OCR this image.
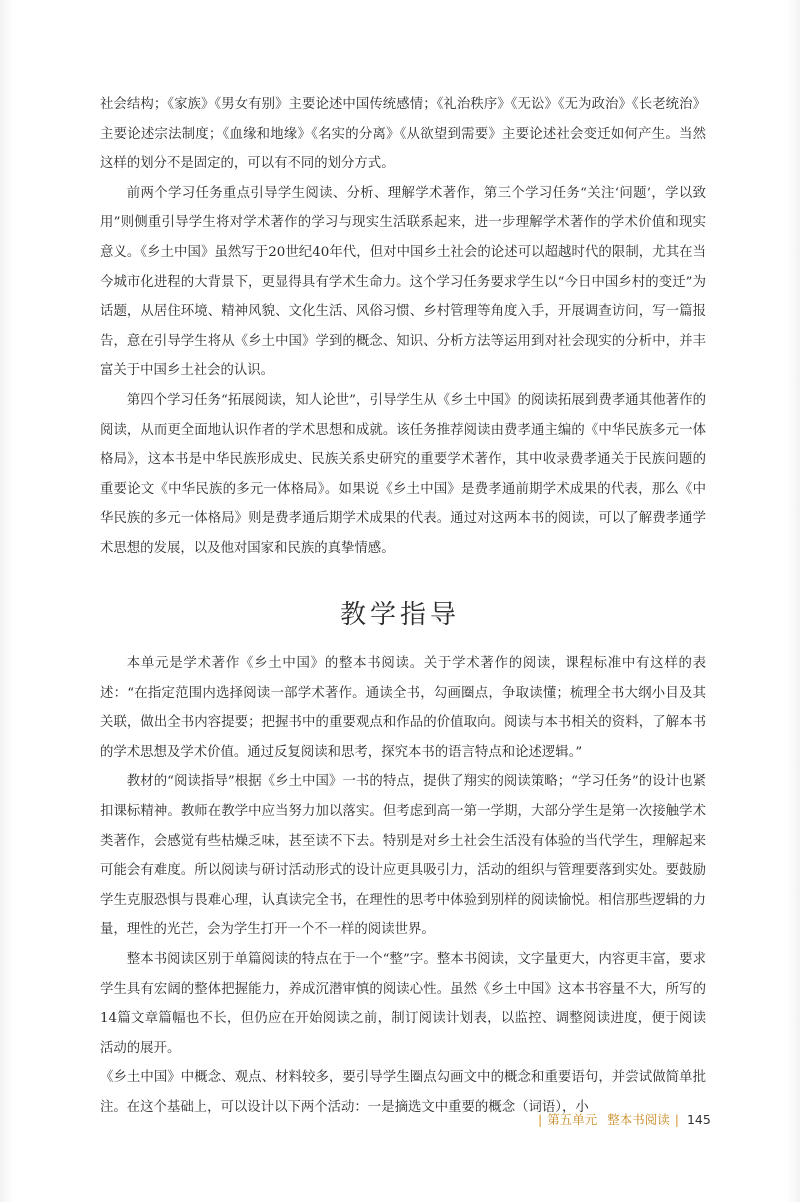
社会结构；《家族》《男女有别》主要论述中国传统感情；《礼治秩序》《无讼》《无为政治》《长老统治》主要论述宗法制度；《血缘和地缘》《名实的分离》《从欲望到需要》主要论述社会变迁如何产生。当然这样的划分不是固定的，可以有不同的划分方式。

前两个学习任务重点引导学生阅读、分析、理解学术著作，第三个学习任务“关注‘问题’，学以致用”则侧重引导学生将对学术著作的学习与现实生活联系起来，进一步理解学术著作的学术价值和现实意义。《乡土中国》虽然写于20世纪40年代，但对中国乡土社会的论述可以超越时代的限制，尤其在当今城市化进程的大背景下，更显得具有学术生命力。这个学习任务要求学生以“今日中国乡村的变迁”为话题，从居住环境、精神风貌、文化生活、风俗习惯、乡村管理等角度入手，开展调查访问，写一篇报告，意在引导学生将从《乡土中国》学到的概念、知识、分析方法等运用到对社会现实的分析中，并丰富关于中国乡土社会的认识。

第四个学习任务“拓展阅读，知人论世”，引导学生从《乡土中国》的阅读拓展到费孝通其他著作的阅读，从而更全面地认识作者的学术思想和成就。该任务推荐阅读由费孝通主编的《中华民族多元一体格局》，这本书是中华民族形成史、民族关系史研究的重要学术著作，其中收录费孝通关于民族问题的重要论文《中华民族的多元一体格局》。如果说《乡土中国》是费孝通前期学术成果的代表，那么《中华民族的多元一体格局》则是费孝通后期学术成果的代表。通过对这两本书的阅读，可以了解费孝通学术思想的发展，以及他对国家和民族的真挚情感。

教学指导

本单元是学术著作《乡土中国》的整本书阅读。关于学术著作的阅读，课程标准中有这样的表述：“在指定范围内选择阅读一部学术著作。通读全书，勾画圈点，争取读懂；梳理全书大纲小目及其关联，做出全书内容提要；把握书中的重要观点和作品的价值取向。阅读与本书相关的资料，了解本书的学术思想及学术价值。通过反复阅读和思考，探究本书的语言特点和论述逻辑。”

教材的“阅读指导”根据《乡土中国》一书的特点，提供了翔实的阅读策略；“学习任务”的设计也紧扣课标精神。教师在教学中应当努力加以落实。但考虑到高一第一学期，大部分学生是第一次接触学术类著作，会感觉有些枯燥乏味，甚至读不下去。特别是对乡土社会生活没有体验的当代学生，理解起来可能会有难度。所以阅读与研讨活动形式的设计应更具吸引力，活动的组织与管理要落到实处。要鼓励学生克服恐惧与畏难心理，认真读完全书，在理性的思考中体验到别样的阅读愉悦。相信那些逻辑的力量，理性的光芒，会为学生打开一个不一样的阅读世界。

整本书阅读区别于单篇阅读的特点在于一个“整”字。整本书阅读，文字量更大，内容更丰富，要求学生具有宏阔的整体把握能力，养成沉潜审慎的阅读心性。虽然《乡土中国》这本书容量不大，所写的14篇文章篇幅也不长，但仍应在开始阅读之前，制订阅读计划表，以监控、调整阅读进度，便于阅读活动的展开。

《乡土中国》中概念、观点、材料较多，要引导学生圈点勾画文中的概念和重要语句，并尝试做简单批注。在这个基础上，可以设计以下两个活动：一是摘选文中重要的概念（词语），小

| 第五单元 整本书阅读 | 145
